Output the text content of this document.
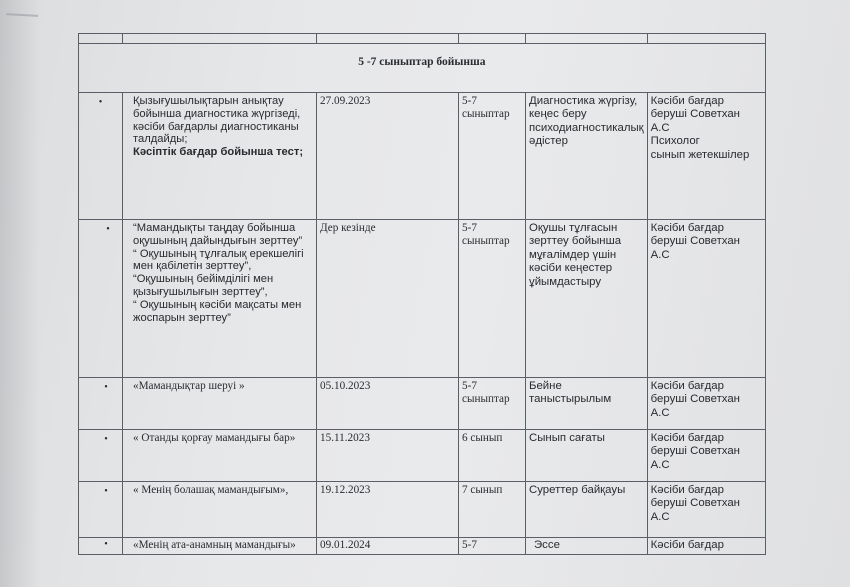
5 -7 сыныптар бойынша					
•	Қызығушылықтарын анықтау бойынша диагностика жүргізеді, кәсіби бағдарлы диагностиканы талдайды;
Кәсіптік бағдар бойынша тест;	27.09.2023	5-7 сыныптар	Диагностика жүргізу, кеңес беру психодиагностикалық әдістер	Кәсіби бағдар беруші Советхан А.С
Психолог
сынып жетекшілер

•	“Мамандықты таңдау бойынша оқушының дайындығын зерттеу”
“ Оқушының тұлғалық ерекшелігі мен қабілетін зерттеу”,
“Оқушының бейімділігі мен қызығушылығын зерттеу”,
“ Оқушының кәсіби мақсаты мен жоспарын зерттеу”	Дер кезінде	5-7 сыныптар	Оқушы тұлғасын зерттеу бойынша мұғалімдер үшін кәсіби кеңестер ұйымдастыру	Кәсіби бағдар беруші Советхан А.С

•	«Мамандықтар шеруі »	05.10.2023	5-7 сыныптар	Бейне таныстырылым	Кәсіби бағдар беруші Советхан А.С

•	« Отанды қорғау мамандығы бар»	15.11.2023	6 сынып	Сынып сағаты	Кәсіби бағдар беруші Советхан А.С

•	« Менің болашақ мамандығым»,	19.12.2023	7 сынып	Суреттер байқауы	Кәсіби бағдар беруші Советхан А.С

•	«Менің ата-анамның мамандығы»	09.01.2024	5-7	Эссе	Кәсіби бағдар
